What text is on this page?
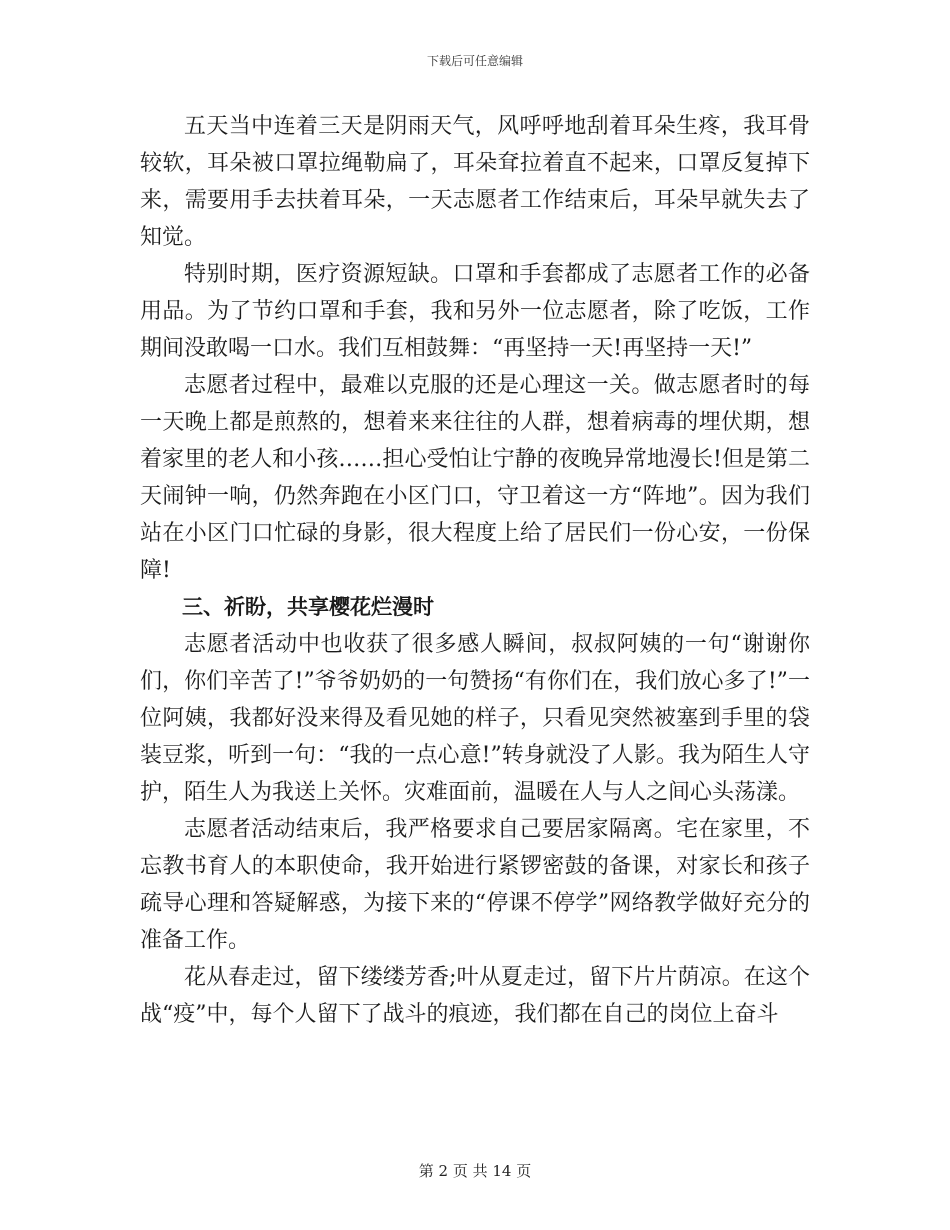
下载后可任意编辑

五天当中连着三天是阴雨天气，风呼呼地刮着耳朵生疼，我耳骨较软，耳朵被口罩拉绳勒扁了，耳朵耷拉着直不起来，口罩反复掉下来，需要用手去扶着耳朵，一天志愿者工作结束后，耳朵早就失去了知觉。

特别时期，医疗资源短缺。口罩和手套都成了志愿者工作的必备用品。为了节约口罩和手套，我和另外一位志愿者，除了吃饭，工作期间没敢喝一口水。我们互相鼓舞：“再坚持一天!再坚持一天!”

志愿者过程中，最难以克服的还是心理这一关。做志愿者时的每一天晚上都是煎熬的，想着来来往往的人群，想着病毒的埋伏期，想着家里的老人和小孩……担心受怕让宁静的夜晚异常地漫长!但是第二天闹钟一响，仍然奔跑在小区门口，守卫着这一方“阵地”。因为我们站在小区门口忙碌的身影，很大程度上给了居民们一份心安，一份保障!

三、祈盼，共享樱花烂漫时

志愿者活动中也收获了很多感人瞬间，叔叔阿姨的一句“谢谢你们，你们辛苦了!”爷爷奶奶的一句赞扬“有你们在，我们放心多了!”一位阿姨，我都好没来得及看见她的样子，只看见突然被塞到手里的袋装豆浆，听到一句：“我的一点心意!”转身就没了人影。我为陌生人守护，陌生人为我送上关怀。灾难面前，温暖在人与人之间心头荡漾。

志愿者活动结束后，我严格要求自己要居家隔离。宅在家里，不忘教书育人的本职使命，我开始进行紧锣密鼓的备课，对家长和孩子疏导心理和答疑解惑，为接下来的“停课不停学”网络教学做好充分的准备工作。

花从春走过，留下缕缕芳香;叶从夏走过，留下片片荫凉。在这个战“疫”中，每个人留下了战斗的痕迹，我们都在自己的岗位上奋斗

第 2 页 共 14 页
